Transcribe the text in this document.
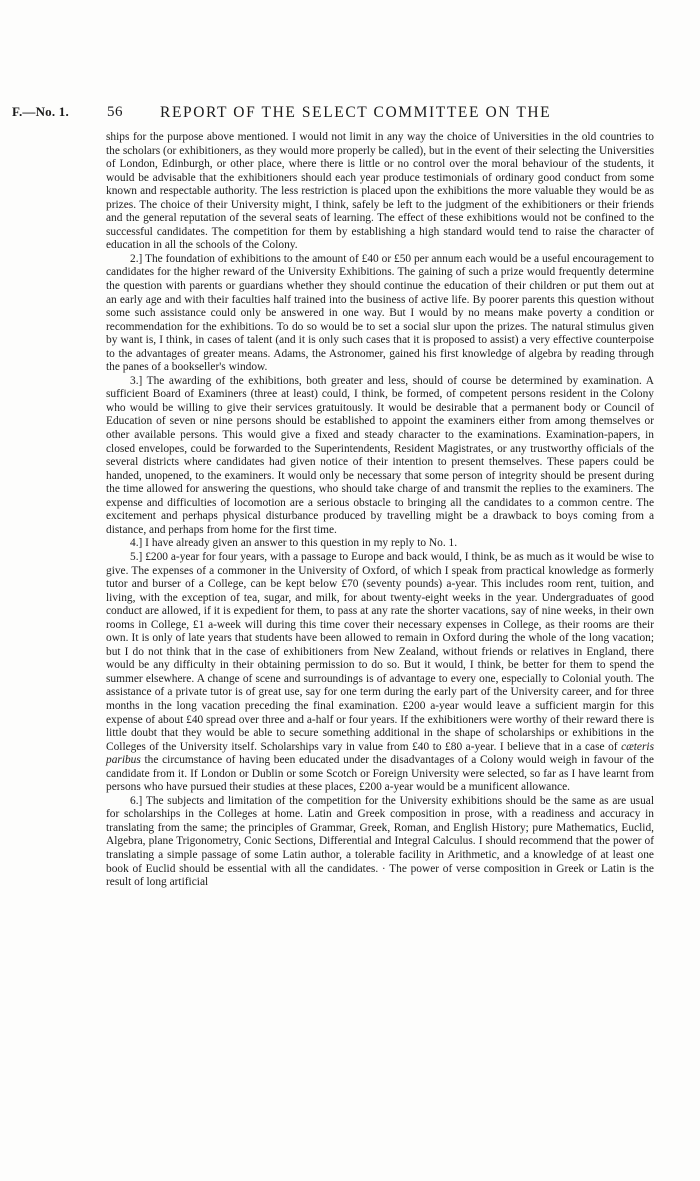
F.—No. 1.	56 REPORT OF THE SELECT COMMITTEE ON THE

ships for the purpose above mentioned. I would not limit in any way the choice of Universities in the old countries to the scholars (or exhibitioners, as they would more properly be called), but in the event of their selecting the Universities of London, Edinburgh, or other place, where there is little or no control over the moral behaviour of the students, it would be advisable that the exhibitioners should each year produce testimonials of ordinary good conduct from some known and respectable authority. The less restriction is placed upon the exhibitions the more valuable they would be as prizes. The choice of their University might, I think, safely be left to the judgment of the exhibitioners or their friends and the general reputation of the several seats of learning. The effect of these exhibitions would not be confined to the successful candidates. The competition for them by establishing a high standard would tend to raise the character of education in all the schools of the Colony.

2.] The foundation of exhibitions to the amount of £40 or £50 per annum each would be a useful encouragement to candidates for the higher reward of the University Exhibitions. The gaining of such a prize would frequently determine the question with parents or guardians whether they should continue the education of their children or put them out at an early age and with their faculties half trained into the business of active life. By poorer parents this question without some such assistance could only be answered in one way. But I would by no means make poverty a condition or recommendation for the exhibitions. To do so would be to set a social slur upon the prizes. The natural stimulus given by want is, I think, in cases of talent (and it is only such cases that it is proposed to assist) a very effective counterpoise to the advantages of greater means. Adams, the Astronomer, gained his first knowledge of algebra by reading through the panes of a bookseller's window.

3.] The awarding of the exhibitions, both greater and less, should of course be determined by examination. A sufficient Board of Examiners (three at least) could, I think, be formed, of competent persons resident in the Colony who would be willing to give their services gratuitously. It would be desirable that a permanent body or Council of Education of seven or nine persons should be established to appoint the examiners either from among themselves or other available persons. This would give a fixed and steady character to the examinations. Examination-papers, in closed envelopes, could be forwarded to the Superintendents, Resident Magistrates, or any trustworthy officials of the several districts where candidates had given notice of their intention to present themselves. These papers could be handed, unopened, to the examiners. It would only be necessary that some person of integrity should be present during the time allowed for answering the questions, who should take charge of and transmit the replies to the examiners. The expense and difficulties of locomotion are a serious obstacle to bringing all the candidates to a common centre. The excitement and perhaps physical disturbance produced by travelling might be a drawback to boys coming from a distance, and perhaps from home for the first time.

4.] I have already given an answer to this question in my reply to No. 1.

5.] £200 a-year for four years, with a passage to Europe and back would, I think, be as much as it would be wise to give. The expenses of a commoner in the University of Oxford, of which I speak from practical knowledge as formerly tutor and burser of a College, can be kept below £70 (seventy pounds) a-year. This includes room rent, tuition, and living, with the exception of tea, sugar, and milk, for about twenty-eight weeks in the year. Undergraduates of good conduct are allowed, if it is expedient for them, to pass at any rate the shorter vacations, say of nine weeks, in their own rooms in College, £1 a-week will during this time cover their necessary expenses in College, as their rooms are their own. It is only of late years that students have been allowed to remain in Oxford during the whole of the long vacation; but I do not think that in the case of exhibitioners from New Zealand, without friends or relatives in England, there would be any difficulty in their obtaining permission to do so. But it would, I think, be better for them to spend the summer elsewhere. A change of scene and surroundings is of advantage to every one, especially to Colonial youth. The assistance of a private tutor is of great use, say for one term during the early part of the University career, and for three months in the long vacation preceding the final examination. £200 a-year would leave a sufficient margin for this expense of about £40 spread over three and a-half or four years. If the exhibitioners were worthy of their reward there is little doubt that they would be able to secure something additional in the shape of scholarships or exhibitions in the Colleges of the University itself. Scholarships vary in value from £40 to £80 a-year. I believe that in a case of cæteris paribus the circumstance of having been educated under the disadvantages of a Colony would weigh in favour of the candidate from it. If London or Dublin or some Scotch or Foreign University were selected, so far as I have learnt from persons who have pursued their studies at these places, £200 a-year would be a munificent allowance.

6.] The subjects and limitation of the competition for the University exhibitions should be the same as are usual for scholarships in the Colleges at home. Latin and Greek composition in prose, with a readiness and accuracy in translating from the same; the principles of Grammar, Greek, Roman, and English History; pure Mathematics, Euclid, Algebra, plane Trigonometry, Conic Sections, Differential and Integral Calculus. I should recommend that the power of translating a simple passage of some Latin author, a tolerable facility in Arithmetic, and a knowledge of at least one book of Euclid should be essential with all the candidates. · The power of verse composition in Greek or Latin is the result of long artificial
